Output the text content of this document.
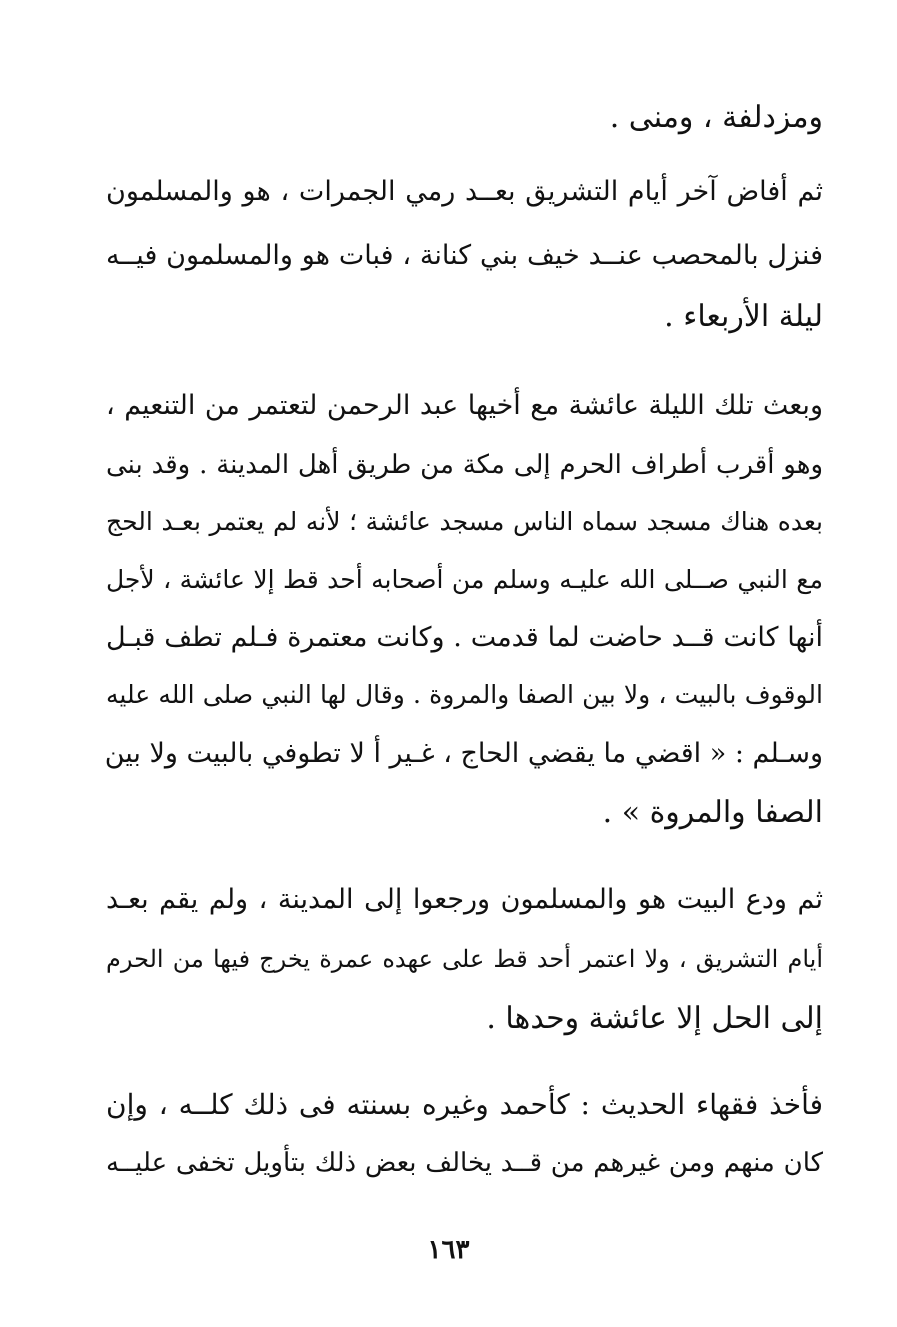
ومزدلفة ، ومنى .
ثم أفاض آخر أيام التشريق بعــد رمي الجمرات ، هو والمسلمون
فنزل بالمحصب عنــد خيف بني كنانة ، فبات هو والمسلمون فيــه
ليلة الأربعاء .
وبعث تلك الليلة عائشة مع أخيها عبد الرحمن لتعتمر من التنعيم ،
وهو أقرب أطراف الحرم إلى مكة من طريق أهل المدينة . وقد بنى
بعده هناك مسجد سماه الناس مسجد عائشة ؛ لأنه لم يعتمر بعـد الحج
مع النبي صــلى الله عليـه وسلم من أصحابه أحد قط إلا عائشة ، لأجل
أنها كانت قــد حاضت لما قدمت . وكانت معتمرة فـلم تطف قبـل
الوقوف بالبيت ، ولا بين الصفا والمروة . وقال لها النبي صلى الله عليه
وسـلم : « اقضي ما يقضي الحاج ، غـير أ لا تطوفي بالبيت ولا بين
الصفا والمروة » .
ثم ودع البيت هو والمسلمون ورجعوا إلى المدينة ، ولم يقم بعـد
أيام التشريق ، ولا اعتمر أحد قط على عهده عمرة يخرج فيها من الحرم
إلى الحل إلا عائشة وحدها .
فأخذ فقهاء الحديث : كأحمد وغيره بسنته فى ذلك كلــه ، وإن
كان منهم ومن غيرهم من قــد يخالف بعض ذلك بتأويل تخفى عليــه
١٦٣
